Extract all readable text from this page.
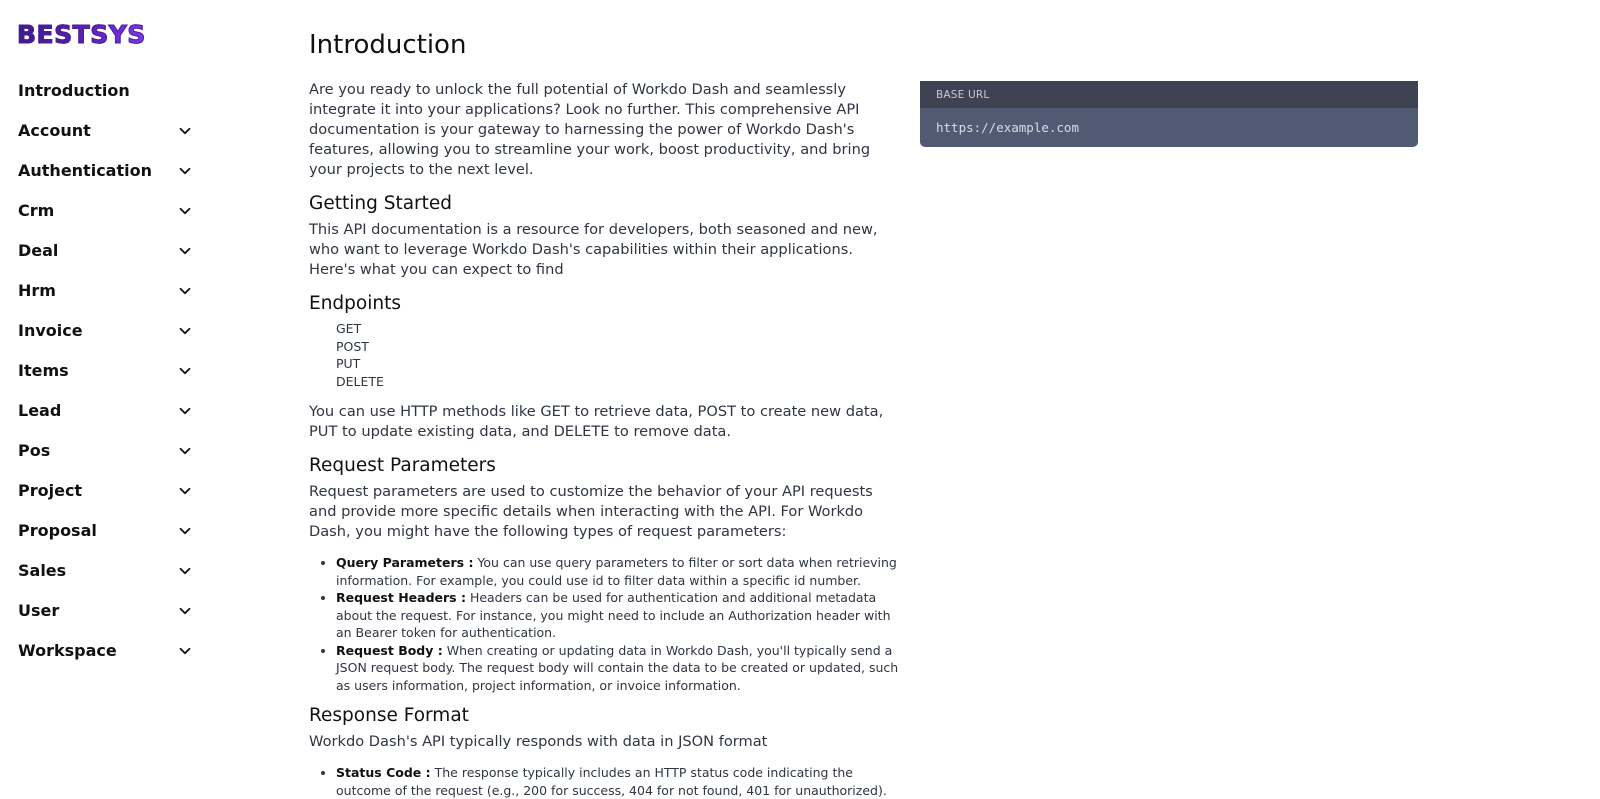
BESTSYS
Introduction
Account
Authentication
Crm
Deal
Hrm
Invoice
Items
Lead
Pos
Project
Proposal
Sales
User
Workspace
Introduction

Are you ready to unlock the full potential of Workdo Dash and seamlessly integrate it into your applications? Look no further. This comprehensive API documentation is your gateway to harnessing the power of Workdo Dash's features, allowing you to streamline your work, boost productivity, and bring your projects to the next level.

Getting Started

This API documentation is a resource for developers, both seasoned and new, who want to leverage Workdo Dash's capabilities within their applications. Here's what you can expect to find

Endpoints
GET
POST
PUT
DELETE

You can use HTTP methods like GET to retrieve data, POST to create new data, PUT to update existing data, and DELETE to remove data.

Request Parameters

Request parameters are used to customize the behavior of your API requests and provide more specific details when interacting with the API. For Workdo Dash, you might have the following types of request parameters:

• Query Parameters : You can use query parameters to filter or sort data when retrieving information. For example, you could use id to filter data within a specific id number.
• Request Headers : Headers can be used for authentication and additional metadata about the request. For instance, you might need to include an Authorization header with an Bearer token for authentication.
• Request Body : When creating or updating data in Workdo Dash, you'll typically send a JSON request body. The request body will contain the data to be created or updated, such as users information, project information, or invoice information.
Response Format

Workdo Dash's API typically responds with data in JSON format

• Status Code : The response typically includes an HTTP status code indicating the outcome of the request (e.g., 200 for success, 404 for not found, 401 for unauthorized).
BASE URL
https://example.com
